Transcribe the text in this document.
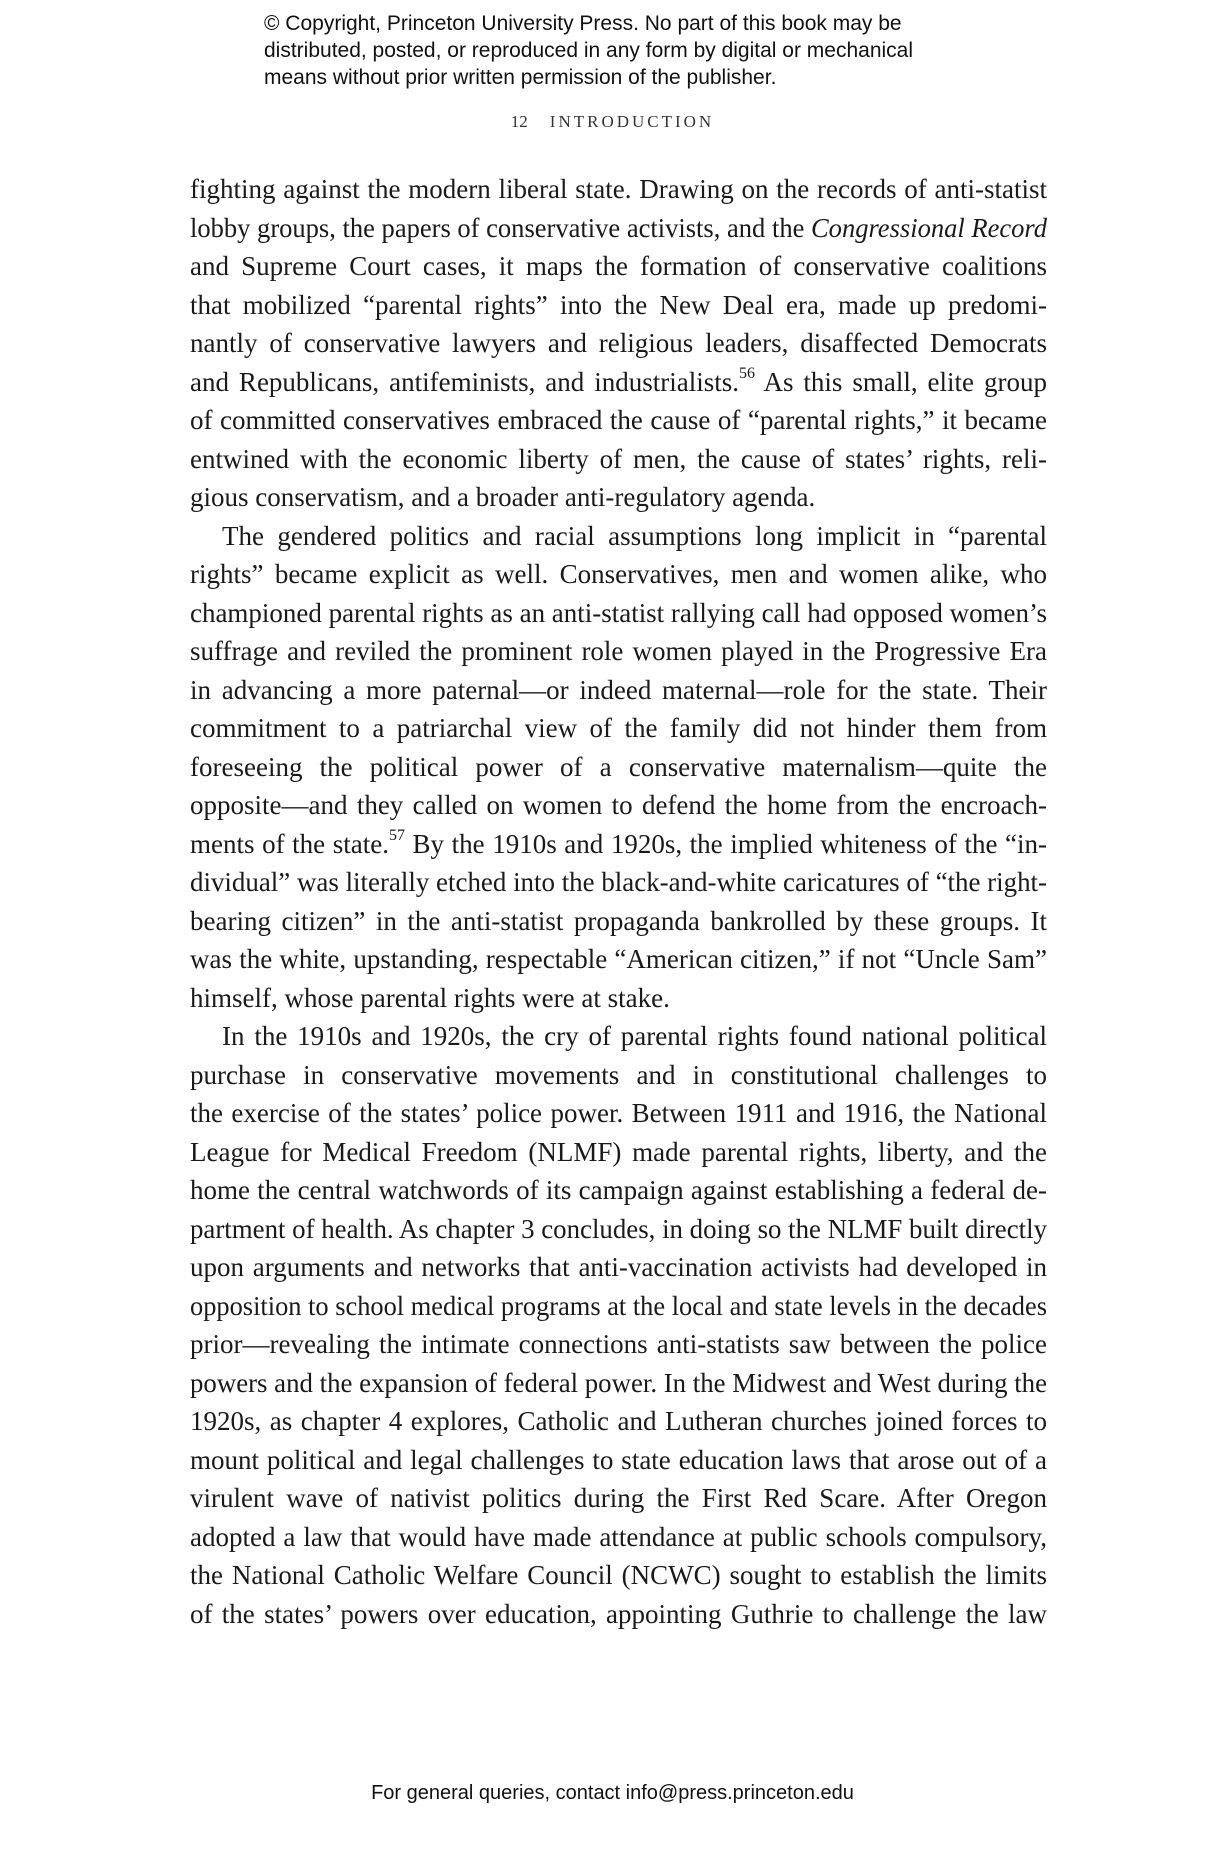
© Copyright, Princeton University Press. No part of this book may be
distributed, posted, or reproduced in any form by digital or mechanical
means without prior written permission of the publisher.
12 INTRODUCTION
fighting against the modern liberal state. Drawing on the records of anti-statist
lobby groups, the papers of conservative activists, and the Congressional Record
and Supreme Court cases, it maps the formation of conservative coalitions
that mobilized “parental rights” into the New Deal era, made up predomi-
nantly of conservative lawyers and religious leaders, disaffected Democrats
and Republicans, antifeminists, and industrialists.$^{56}$ As this small, elite group
of committed conservatives embraced the cause of “parental rights,” it became
entwined with the economic liberty of men, the cause of states’ rights, reli-
gious conservatism, and a broader anti-regulatory agenda.
The gendered politics and racial assumptions long implicit in “parental
rights” became explicit as well. Conservatives, men and women alike, who
championed parental rights as an anti-statist rallying call had opposed women’s
suffrage and reviled the prominent role women played in the Progressive Era
in advancing a more paternal—or indeed maternal—role for the state. Their
commitment to a patriarchal view of the family did not hinder them from
foreseeing the political power of a conservative maternalism—quite the
opposite—and they called on women to defend the home from the encroach-
ments of the state.$^{57}$ By the 1910s and 1920s, the implied whiteness of the “in-
dividual” was literally etched into the black-and-white caricatures of “the right-
bearing citizen” in the anti-statist propaganda bankrolled by these groups. It
was the white, upstanding, respectable “American citizen,” if not “Uncle Sam”
himself, whose parental rights were at stake.
In the 1910s and 1920s, the cry of parental rights found national political
purchase in conservative movements and in constitutional challenges to
the exercise of the states’ police power. Between 1911 and 1916, the National
League for Medical Freedom (NLMF) made parental rights, liberty, and the
home the central watchwords of its campaign against establishing a federal de-
partment of health. As chapter 3 concludes, in doing so the NLMF built directly
upon arguments and networks that anti-vaccination activists had developed in
opposition to school medical programs at the local and state levels in the decades
prior—revealing the intimate connections anti-statists saw between the police
powers and the expansion of federal power. In the Midwest and West during the
1920s, as chapter 4 explores, Catholic and Lutheran churches joined forces to
mount political and legal challenges to state education laws that arose out of a
virulent wave of nativist politics during the First Red Scare. After Oregon
adopted a law that would have made attendance at public schools compulsory,
the National Catholic Welfare Council (NCWC) sought to establish the limits
of the states’ powers over education, appointing Guthrie to challenge the law
For general queries, contact info@press.princeton.edu
